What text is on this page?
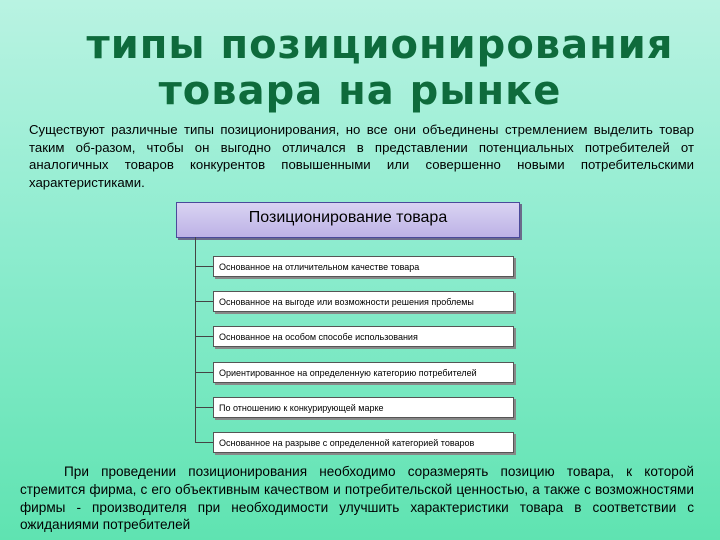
типы позиционирования
товара на рынке
Существуют различные типы позиционирования, но все они объединены стремлением выделить товар таким об-разом, чтобы он выгодно отличался в представлении потенциальных потребителей от аналогичных товаров конкурентов повышенными или совершенно новыми потребительскими характеристиками.
Позиционирование товара
Основанное на отличительном качестве товара
Основанное на выгоде или возможности решения проблемы
Основанное на особом способе использования
Ориентированное на определенную категорию потребителей
По отношению к конкурирующей марке
Основанное на разрыве с определенной категорией товаров
При проведении позиционирования необходимо соразмерять позицию товара, к которой стремится фирма, с его объективным качеством и потребительской ценностью, а также с возможностями фирмы - производителя при необходимости улучшить характеристики товара в соответствии с ожиданиями потребителей
